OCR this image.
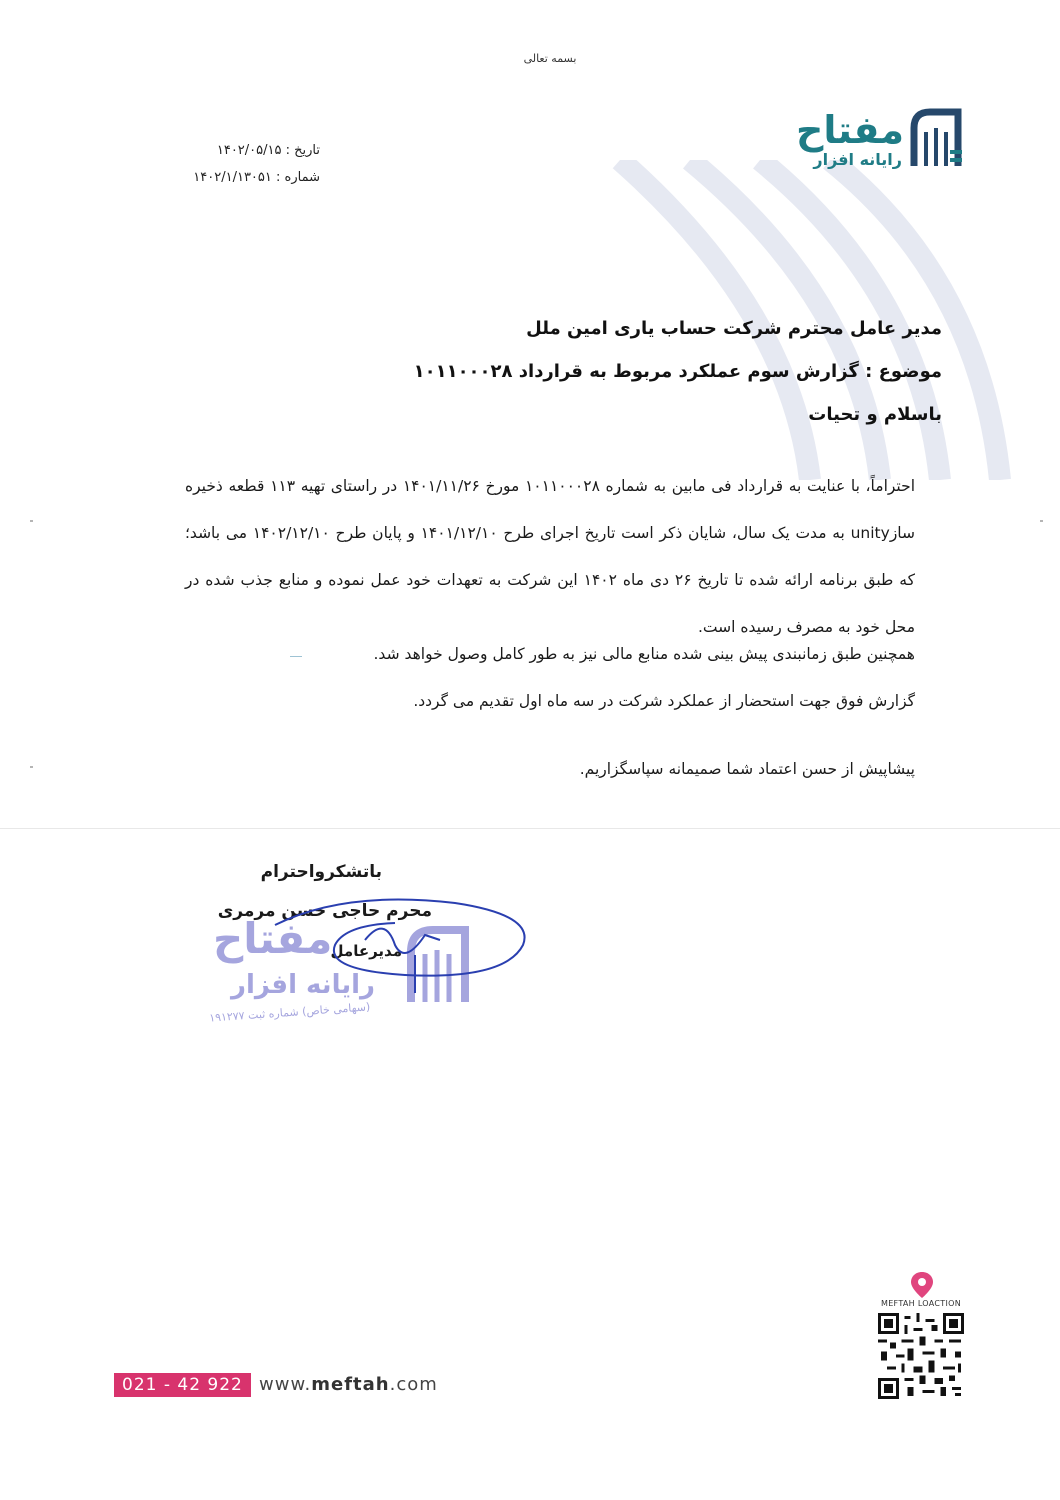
بسمه تعالی
مفتاح
رایانه افزار
تاریخ : ۱۴۰۲/۰۵/۱۵
شماره : ۱۴۰۲/۱/۱۳۰۵۱
مدیر عامل محترم شرکت حساب یاری امین ملل
موضوع : گزارش سوم عملکرد مربوط به قرارداد ۱۰۱۱۰۰۰۲۸
باسلام و تحیات
احتراماً، با عنایت به قرارداد فی مابین به شماره ۱۰۱۱۰۰۰۲۸ مورخ ۱۴۰۱/۱۱/۲۶ در راستای تهیه ۱۱۳ قطعه ذخیره سازunity به مدت یک سال، شایان ذکر است تاریخ اجرای طرح ۱۴۰۱/۱۲/۱۰ و پایان طرح ۱۴۰۲/۱۲/۱۰ می باشد؛ که طبق برنامه ارائه شده تا تاریخ ۲۶ دی ماه ۱۴۰۲ این شرکت به تعهدات خود عمل نموده و منابع جذب شده در محل خود به مصرف رسیده است.
همچنین طبق زمانبندی پیش بینی شده منابع مالی نیز به طور کامل وصول خواهد شد.
گزارش فوق جهت استحضار از عملکرد شرکت در سه ماه اول تقدیم می گردد.
پیشاپیش از حسن اعتماد شما صمیمانه سپاسگزاریم.
مفتاح
رایانه افزار
(سهامی خاص) شماره ثبت ۱۹۱۲۷۷
باتشکرواحترام
محرم حاجی حسن مرمری
مدیرعامل
MEFTAH LOACTION
021 - 42 922 www.meftah.com
